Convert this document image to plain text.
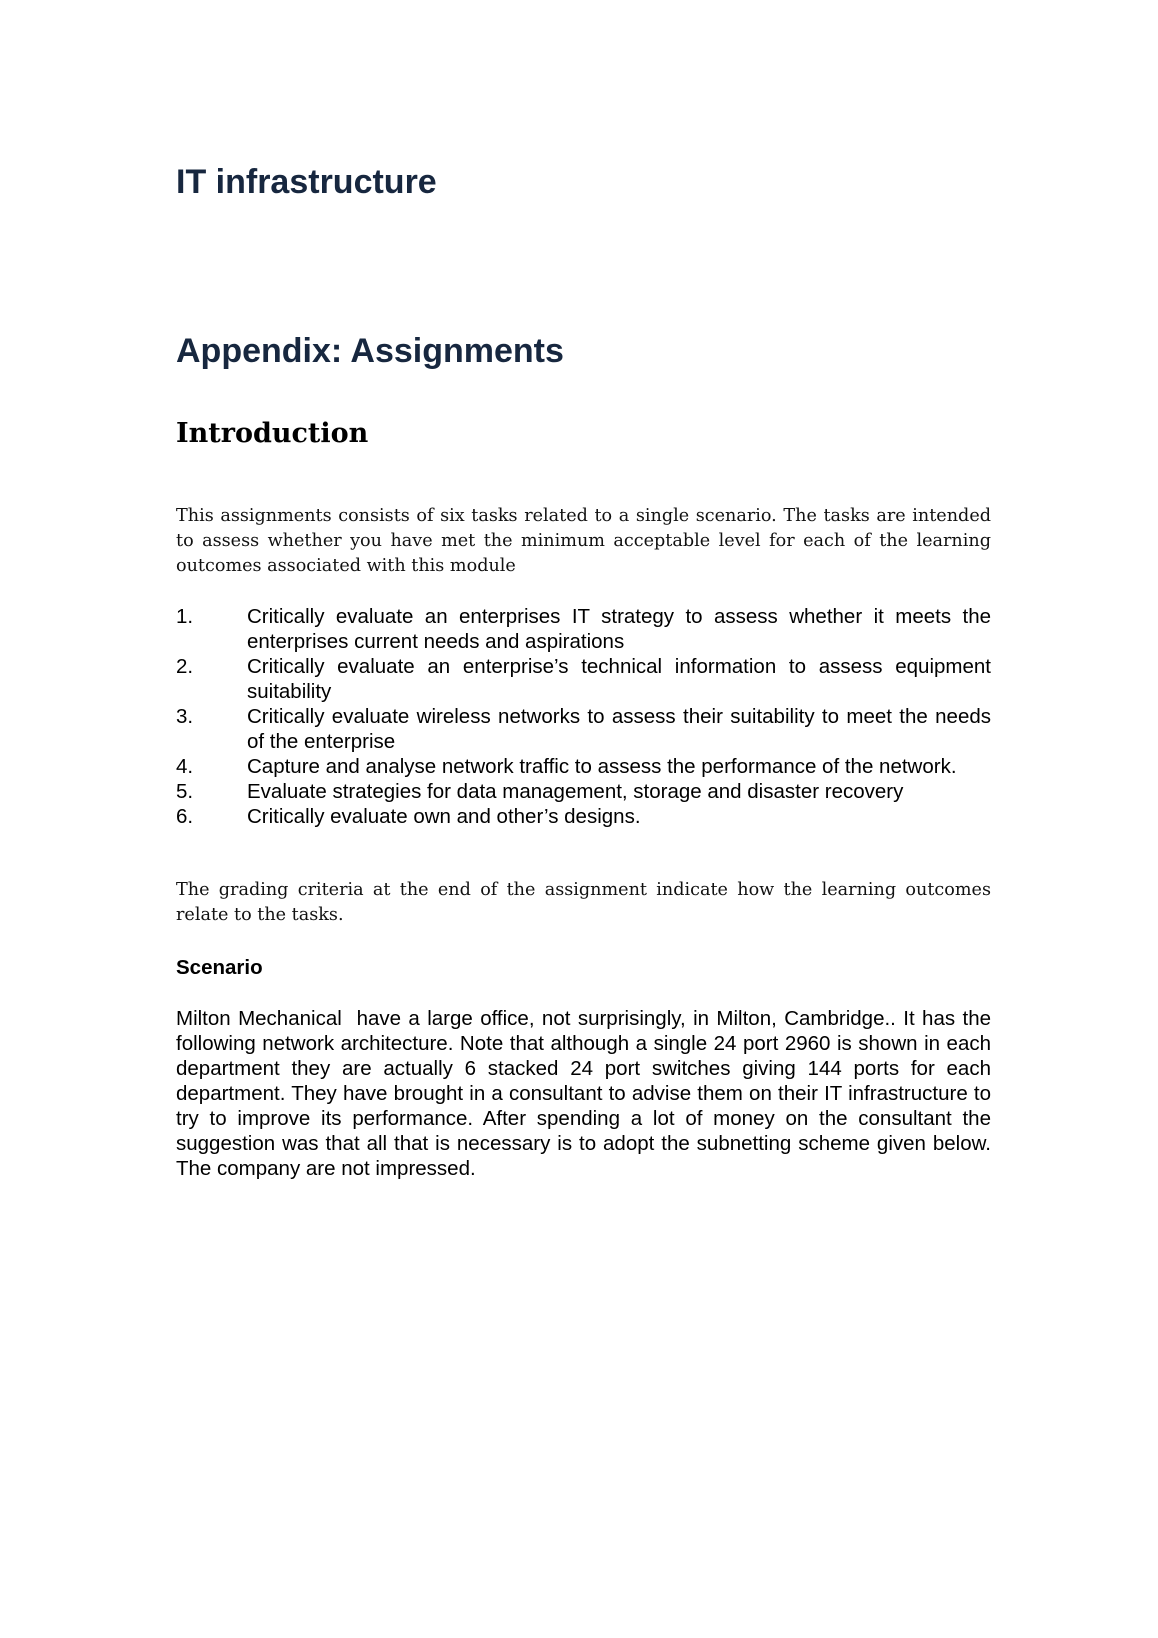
IT infrastructure
Appendix: Assignments
Introduction

This assignments consists of six tasks related to a single scenario. The tasks are intended to assess whether you have met the minimum acceptable level for each of the learning outcomes associated with this module

1.	Critically evaluate an enterprises IT strategy to assess whether it meets the enterprises current needs and aspirations
2.	Critically evaluate an enterprise’s technical information to assess equipment suitability
3.	Critically evaluate wireless networks to assess their suitability to meet the needs of the enterprise
4.	Capture and analyse network traffic to assess the performance of the network.
5.	Evaluate strategies for data management, storage and disaster recovery
6.	Critically evaluate own and other’s designs.

The grading criteria at the end of the assignment indicate how the learning outcomes relate to the tasks.

Scenario

Milton Mechanical  have a large office, not surprisingly, in Milton, Cambridge.. It has the following network architecture. Note that although a single 24 port 2960 is shown in each department they are actually 6 stacked 24 port switches giving 144 ports for each department. They have brought in a consultant to advise them on their IT infrastructure to try to improve its performance. After spending a lot of money on the consultant the suggestion was that all that is necessary is to adopt the subnetting scheme given below. The company are not impressed.
